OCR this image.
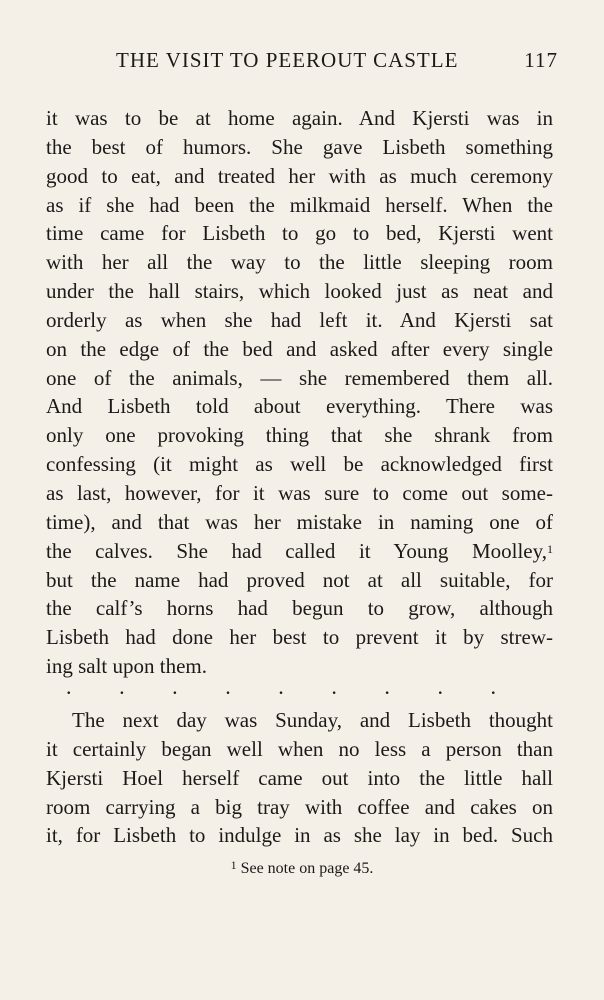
THE VISIT TO PEEROUT CASTLE	117
it was to be at home again. And Kjersti was in
the best of humors. She gave Lisbeth something
good to eat, and treated her with as much ceremony
as if she had been the milkmaid herself. When the
time came for Lisbeth to go to bed, Kjersti went
with her all the way to the little sleeping room
under the hall stairs, which looked just as neat and
orderly as when she had left it. And Kjersti sat
on the edge of the bed and asked after every single
one of the animals, — she remembered them all.
And Lisbeth told about everything. There was
only one provoking thing that she shrank from
confessing (it might as well be acknowledged first
as last, however, for it was sure to come out some-
time), and that was her mistake in naming one of
the calves. She had called it Young Moolley,$^1$
but the name had proved not at all suitable, for
the calf’s horns had begun to grow, although
Lisbeth had done her best to prevent it by strew-
ing salt upon them.
. . . . . . . . .
The next day was Sunday, and Lisbeth thought
it certainly began well when no less a person than
Kjersti Hoel herself came out into the little hall
room carrying a big tray with coffee and cakes on
it, for Lisbeth to indulge in as she lay in bed. Such
$^1$ See note on page 45.
